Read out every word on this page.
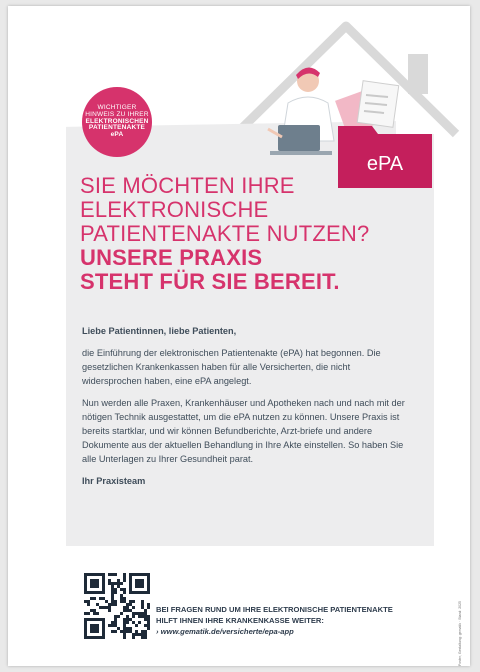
ePA
WICHTIGER
HINWEIS ZU IHRER
ELEKTRONISCHEN
PATIENTENAKTE
ePA
SIE MÖCHTEN IHRE
ELEKTRONISCHE
PATIENTENAKTE NUTZEN?
UNSERE PRAXIS
STEHT FÜR SIE BEREIT.

Liebe Patientinnen, liebe Patienten,

die Einführung der elektronischen Patientenakte (ePA) hat begonnen. Die gesetzlichen Krankenkassen haben für alle Versicherten, die nicht widersprochen haben, eine ePA angelegt.

Nun werden alle Praxen, Krankenhäuser und Apotheken nach und nach mit der nötigen Technik ausgestattet, um die ePA nutzen zu können. Unsere Praxis ist bereits startklar, und wir können Befundberichte, Arzt-briefe und andere Dokumente aus der aktuellen Behandlung in Ihre Akte einstellen. So haben Sie alle Unterlagen zu Ihrer Gesundheit parat.

Ihr Praxisteam

BEI FRAGEN RUND UM IHRE ELEKTRONISCHE PATIENTENAKTE
HILFT IHNEN IHRE KRANKENKASSE WEITER:
› www.gematik.de/versicherte/epa-app	Poster, Gestaltung: gematik · Stand: 2025
